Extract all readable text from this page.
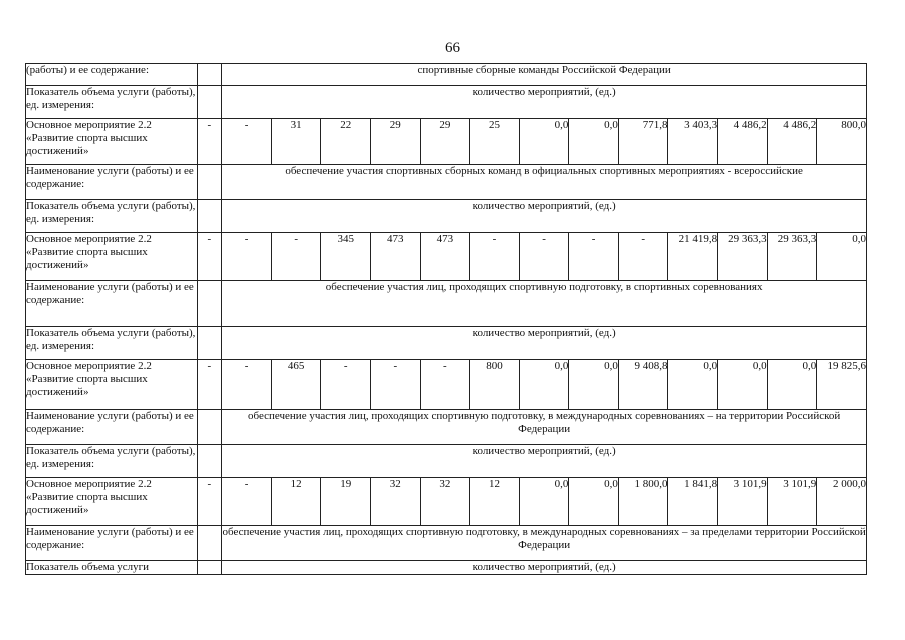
66
(работы) и ее содержание:		спортивные сборные команды Российской Федерации												
Показатель объема услуги (работы), ед. измерения:		количество мероприятий, (ед.)												
Основное мероприятие 2.2 «Развитие спорта высших достижений»	-	-	31	22	29	29	25	0,0	0,0	771,8	3 403,3	4 486,2	4 486,2	800,0
Наименование услуги (работы) и ее содержание:		обеспечение участия спортивных сборных команд в официальных спортивных мероприятиях - всероссийские												
Показатель объема услуги (работы), ед. измерения:		количество мероприятий, (ед.)												
Основное мероприятие 2.2 «Развитие спорта высших достижений»	-	-	-	345	473	473	-	-	-	-	21 419,8	29 363,3	29 363,3	0,0
Наименование услуги (работы) и ее содержание:		обеспечение участия лиц, проходящих спортивную подготовку, в спортивных соревнованиях												
Показатель объема услуги (работы), ед. измерения:		количество мероприятий, (ед.)												
Основное мероприятие 2.2 «Развитие спорта высших достижений»	-	-	465	-	-	-	800	0,0	0,0	9 408,8	0,0	0,0	0,0	19 825,6
Наименование услуги (работы) и ее содержание:		обеспечение участия лиц, проходящих спортивную подготовку, в международных соревнованиях – на территории Российской Федерации												
Показатель объема услуги (работы), ед. измерения:		количество мероприятий, (ед.)												
Основное мероприятие 2.2 «Развитие спорта высших достижений»	-	-	12	19	32	32	12	0,0	0,0	1 800,0	1 841,8	3 101,9	3 101,9	2 000,0
Наименование услуги (работы) и ее содержание:		обеспечение участия лиц, проходящих спортивную подготовку, в международных соревнованиях – за пределами территории Российской Федерации												
Показатель объема услуги		количество мероприятий, (ед.)												
